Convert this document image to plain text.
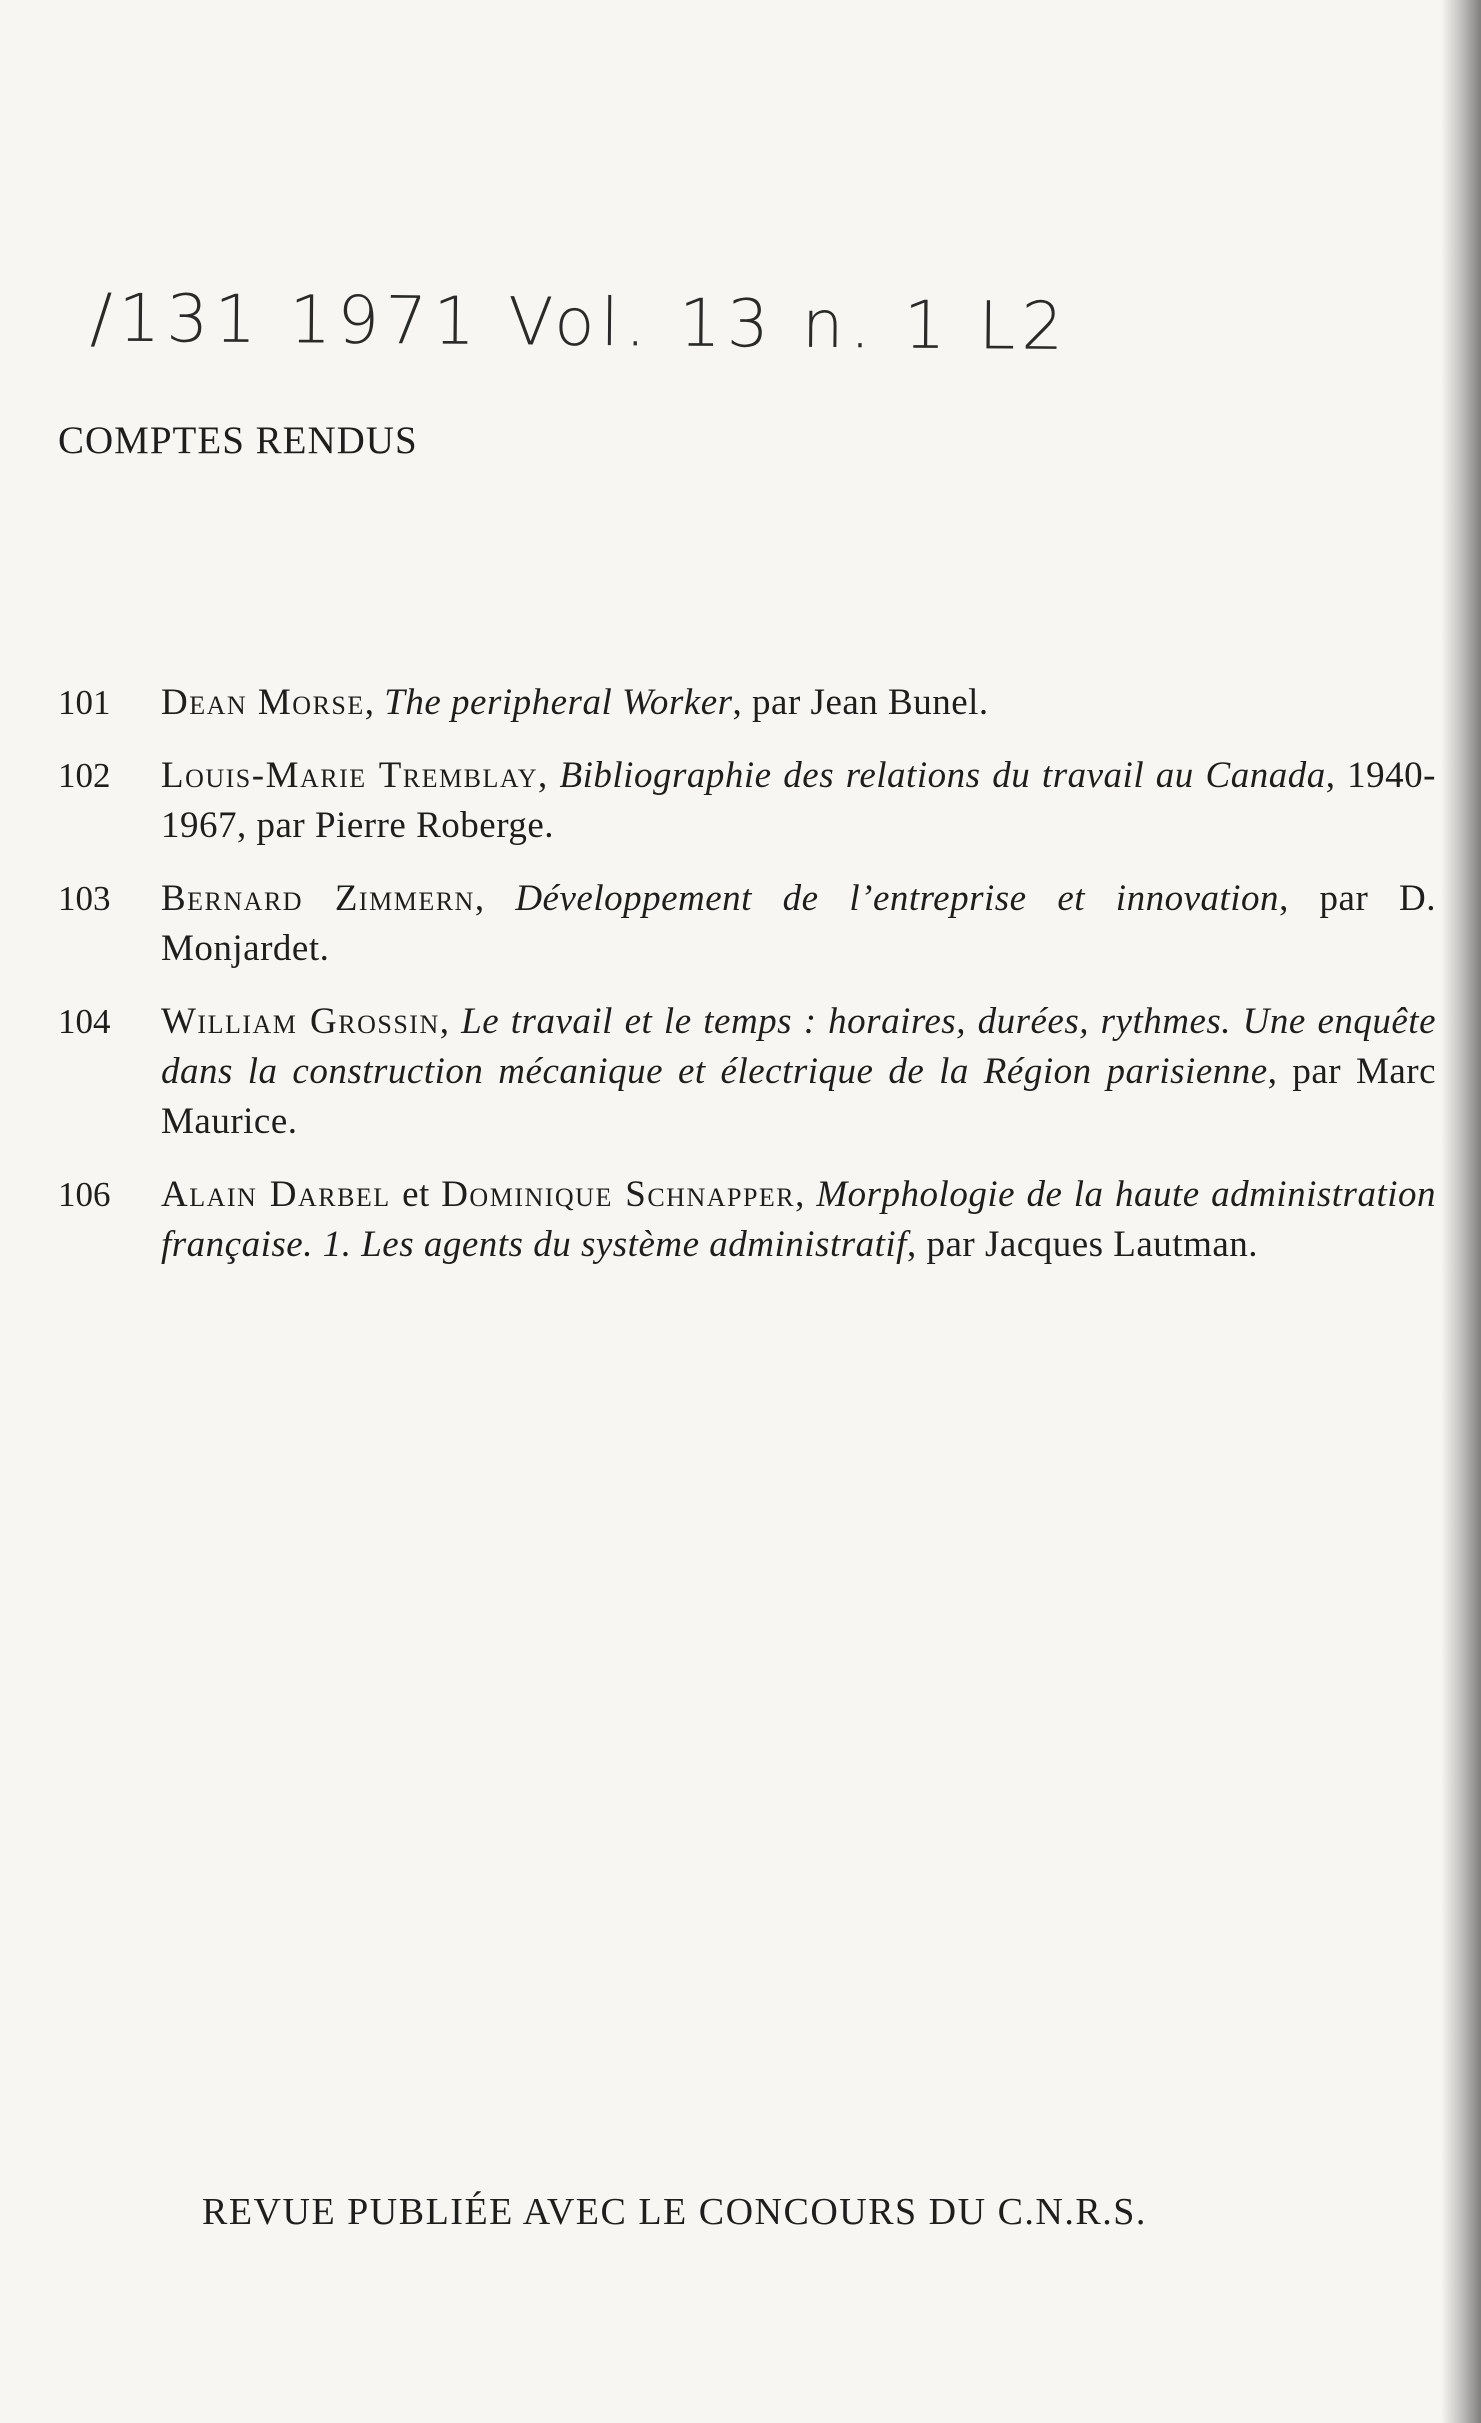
/131 1971 Vol. 13 n. 1 L2
COMPTES RENDUS
101	Dean Morse, The peripheral Worker, par Jean Bunel.
102	Louis-Marie Tremblay, Bibliographie des relations du travail au Canada, 1940-1967, par Pierre Roberge.
103	Bernard Zimmern, Développement de l’entreprise et innovation, par D. Monjardet.
104	William Grossin, Le travail et le temps : horaires, durées, rythmes. Une enquête dans la construction mécanique et électrique de la Région parisienne, par Marc Maurice.
106	Alain Darbel et Dominique Schnapper, Morphologie de la haute administration française. 1. Les agents du système administratif, par Jacques Lautman.
REVUE PUBLIÉE AVEC LE CONCOURS DU C.N.R.S.
